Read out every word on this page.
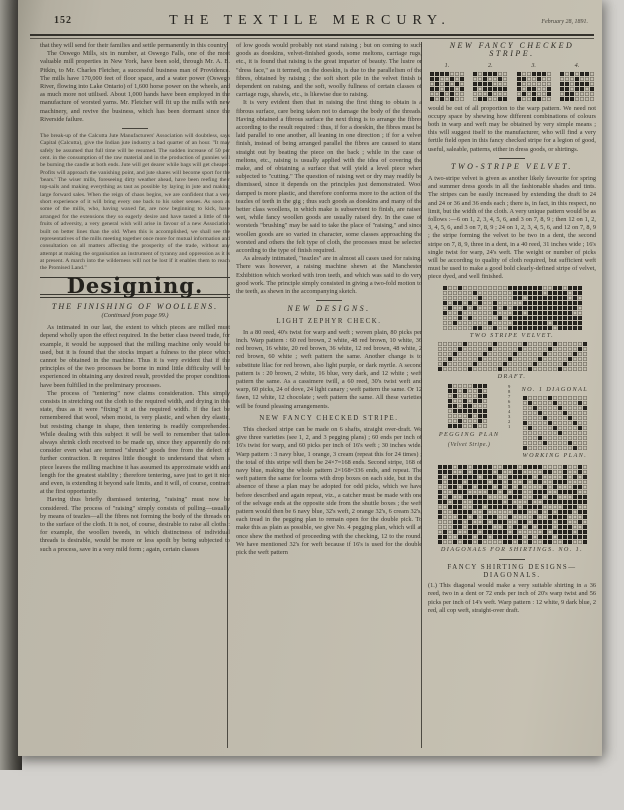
152	THE TEXTILE MERCURY.	February 28, 1891.

that they will send for their families and settle permanently in this country.

The Oswego Mills, six in number, at Oswego Falls, one of the most valuable mill properties in New York, have been sold, through Mr. A. B. Pitkin, to Mr. Charles Fletcher, a successful business man of Providence. The mills have 170,000 feet of floor space, and a water power (Oswego River, flowing into Lake Ontario) of 1,600 horse power on the wheels, and as much more not utilised. About 1,000 hands have been employed in the manufacture of worsted yarns. Mr. Fletcher will fit up the mills with new machinery, and revive the business, which has been dormant since the Riverside failure.

The break-up of the Calcutta Jute Manufacturers' Association will doubtless, says Capital (Calcutta), give the Indian jute industry a bad quarter of an hour. "It may safely be assumed that full time will be resumed. The sudden increase of 50 per cent. in the consumption of the raw material and in the production of gunnies will be burning the candle at both ends. Jute will get dearer while bags will get cheaper. Profits will approach the vanishing point, and jute shares will become sport for the 'bears.' The wiser mills, foreseeing dirty weather ahead, have been reefing their top-sails and making everything as taut as possible by laying in jute and making large forward sales. When the reign of chaos begins, we are confident that a very short experience of it will bring every one back to his sober senses. As soon as some of the mills, who, having waxed fat, are now beginning to kick, have arranged for the extensions they so eagerly desire and have tasted a little of the fruits of adversity, a very general wish will arise in favour of a new Association built on better lines than the old. When this is accomplished, we shall see the representatives of the mills meeting together once more for mutual information and consultation on all matters affecting the prosperity of the trade, without any attempt at making the organisation an instrument of tyranny and oppression as it is at present. A march into the wilderness will not be lost if it enables them to reach the Promised Land."

Designing.
THE FINISHING OF WOOLLENS.
(Continued from page 99.)

As intimated in our last, the extent to which pieces are milled must depend wholly upon the effect required. In the better class tweed trade, for example, it would be supposed that the milling machine only would be used, but it is found that the stocks impart a fulness to the piece which cannot be obtained in the machine. Thus it is very evident that if the principles of the two processes be borne in mind little difficulty will be experienced in obtaining any desired result, provided the proper conditions have been fulfilled in the preliminary processes.

The process of "tentering" now claims consideration. This simply consists in stretching out the cloth to the required width, and drying in this state, thus as it were "fixing" it at the required width. If the fact be remembered that wool, when moist, is very plastic, and when dry elastic, but resisting change in shape, then tentering is readily comprehended. While dealing with this subject it will be well to remember that tailors always shrink cloth received to be made up, since they apparently do not consider even what are termed "shrunk" goods free from the defect of further contraction. It requires little thought to understand that when a piece leaves the milling machine it has assumed its approximate width and length for the greatest stability ; therefore tentering, save just to get it nice and even, is extending it beyond safe limits, and it will, of course, contract at the first opportunity.

Having thus briefly dismissed tentering, "raising" must now be considered. The process of "raising" simply consists of pulling—usually by means of teazles—all the fibres not forming the body of the threads on to the surface of the cloth. It is not, of course, desirable to raise all cloths : for example, the woollen tweeds, in which distinctness of individual threads is desirable, would be more or less spoilt by being subjected to such a process, save in a very mild form ; again, certain classes

of low goods would probably not stand raising ; but on coming to such goods as doeskins, velvet-finished goods, some meltons, carriage rugs, etc., it is found that raising is the great imparter of beauty. The lustre or "dress face," as it termed, on the doeskin, is due to the parallelism of the fibres, obtained by raising ; the soft short pile in the velvet finish is dependent on raising, and the soft, woolly fullness of certain classes of carriage rugs, shawls, etc., is likewise due to raising.

It is very evident then that in raising the first thing to obtain is a fibrous surface, care being taken not to damage the body of the threads. Having obtained a fibrous surface the next thing is to arrange the fibres according to the result required : thus, if for a doeskin, the fibres must be laid parallel to one another, all leaning in one direction ; if for a velvet finish, instead of being arranged parallel the fibres are caused to stand straight out by beating the piece on the back ; while in the case of meltons, etc., raising is usually applied with the idea of covering the make, and of obtaining a surface that will yield a level piece when subjected to "cutting." The question of raising wet or dry may readily be dismissed, since it depends on the principles just demonstrated. Wool damped is more plastic, and therefore conforms more to the action of the teazles of teeth in the gig ; thus such goods as doeskins and many of the better class woollens, in which make is subservient to finish, are raised wet, while fancy woollen goods are usually raised dry. In the case of worsteds "brushing" may be said to take the place of "raising," and since woollen goods are so varied in character, some classes approaching the worsted and others the felt type of cloth, the processes must be selected according to the type of finish required.

As already intimated, "teazles" are in almost all cases used for raising. There was however, a raising machine shewn at the Manchester Exhibition which worked with iron teeth, and which was said to do very good work. The principle simply consisted in giving a two-fold motion to the teeth, as shewn in the accompanying sketch.

NEW DESIGNS.
LIGHT ZEPHYR CHECK.

In a 80 reed, 40's twist for warp and weft ; woven plain, 80 picks per inch. Warp pattern : 60 red brown, 2 white, 48 red brown, 10 white, 36 red brown, 16 white, 20 red brown, 36 white, 12 red brown, 48 white, 2 red brown, 60 white ; weft pattern the same. Another change is to substitute lilac for red brown, also light purple, or dark myrtle. A second pattern is : 20 brown, 2 white, 16 blue, very dark, and 12 white ; weft pattern the same. As a cassimere twill, a 60 reed, 30's twist weft and warp, 60 picks, 24 of dove, 24 light canary ; weft pattern the same. Or 12 fawn, 12 white, 12 chocolate ; weft pattern the same. All these varieties will be found pleasing arrangements.

NEW FANCY CHECKED STRIPE.

This checked stripe can be made on 6 shafts, straight over-draft. We give three varieties (see 1, 2, and 3 pegging plans) ; 60 ends per inch of 16's twist for warp, and 60 picks per inch of 16's weft ; 30 inches wide. Warp pattern : 3 navy blue, 1 orange, 3 cream (repeat this for 24 times) ; the total of this stripe will then be 24×7=168 ends. Second stripe, 168 of navy blue, making the whole pattern 2×168=336 ends, and repeat. The weft pattern the same for looms with drop boxes on each side, but in the absence of these a plan may be adopted for odd picks, which we have before described and again repeat, viz., a catcher must be made with one of the selvage ends at the opposite side from the shuttle boxes ; the weft pattern would then be 6 navy blue, 32's weft, 2 orange 32's, 6 cream 32's, each tread in the pegging plan to remain open for the double pick. To make this as plain as possible, we give No. 4 pegging plan, which will at once shew the method of proceeding with the checking, 12 to the round. We have mentioned 32's for weft because if 16's is used for the double pick the weft pattern

NEW FANCY CHECKED STRIPE.
1.	2.	3.	4.

would be out of all proportion to the warp pattern. We need not occupy space by shewing how different combinations of colours both in warp and weft may be obtained by very simple means ; this will suggest itself to the manufacturer, who will find a very fertile field open in this fancy checked stripe for a legion of good, useful, saleable, patterns, either in dress goods, or shirtings.

TWO-STRIPE VELVET.

A two-stripe velvet is given as another likely favourite for spring and summer dress goods in all the fashionable shades and tints. The stripes can be easily increased by extending the draft to 24 and 24 or 36 and 36 ends each ; there is, in fact, in this respect, no limit, but the width of the cloth. A very unique pattern would be as follows :—6 on 1, 2, 3, 4, 5, 6, and 3 on 7, 8, 9 ; then 12 on 1, 2, 3, 4, 5, 6, and 3 on 7, 8, 9 ; 24 on 1, 2, 3, 4, 5, 6, and 12 on 7, 8, 9 ; the stripe forming the velvet to be two in a dent, the second stripe on 7, 8, 9, three in a dent, in a 40 reed, 31 inches wide ; 16's single twist for warp, 24's weft. The weight or number of picks will be according to quality of cloth required, but sufficient weft must be used to make a good bold clearly-defined stripe of velvet, piece dyed, and well finished.

TWO STRIPE VELVET.
DRAFT.
9
8
7
6
5
4
3
2
1
PEGGING PLAN
(Velvet Stripe.)
NO. 1 DIAGONAL
WORKING PLAN.
DIAGONALS FOR SHIRTINGS. NO. 1.
FANCY SHIRTING DESIGNS—DIAGONALS.

(1.) This diagonal would make a very suitable shirting in a 36 reed, two in a dent or 72 ends per inch of 20's warp twist and 56 picks per inch of 14's weft. Warp pattern : 12 white, 9 dark blue, 2 red, all cop weft, straight-over draft.
